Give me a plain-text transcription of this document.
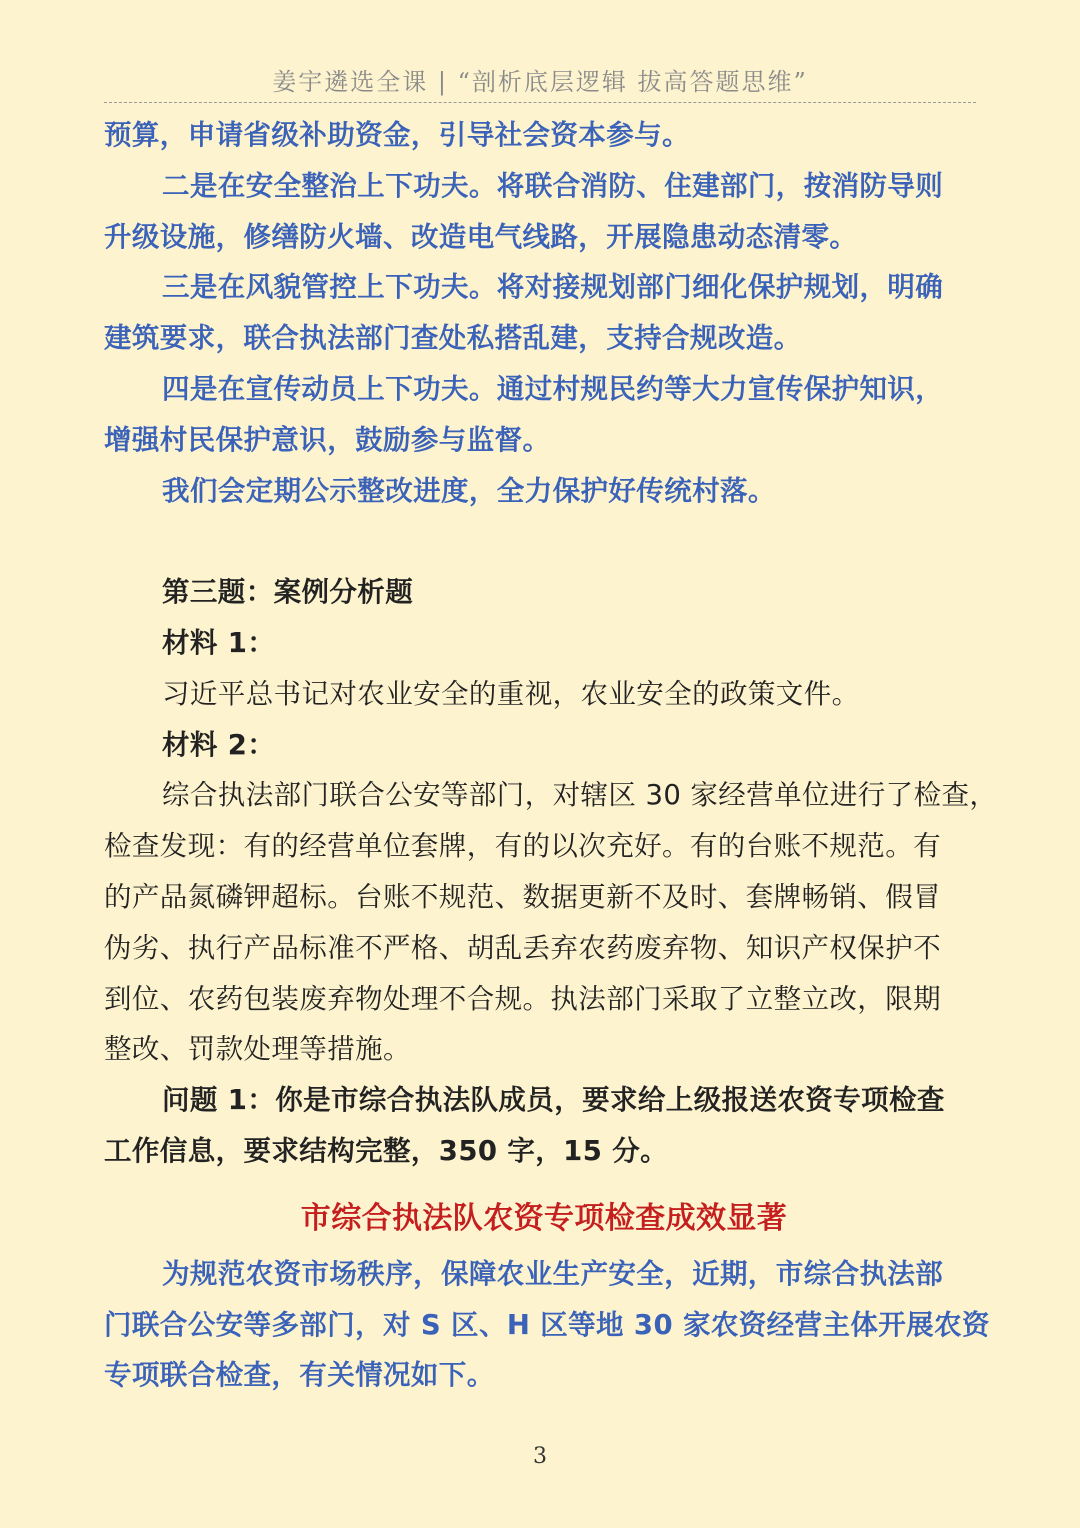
姜宇遴选全课 | “剖析底层逻辑 拔高答题思维”

预算，申请省级补助资金，引导社会资本参与。

二是在安全整治上下功夫。将联合消防、住建部门，按消防导则

升级设施，修缮防火墙、改造电气线路，开展隐患动态清零。

三是在风貌管控上下功夫。将对接规划部门细化保护规划，明确

建筑要求，联合执法部门查处私搭乱建，支持合规改造。

四是在宣传动员上下功夫。通过村规民约等大力宣传保护知识，

增强村民保护意识，鼓励参与监督。

我们会定期公示整改进度，全力保护好传统村落。

第三题：案例分析题

材料 1：

习近平总书记对农业安全的重视，农业安全的政策文件。

材料 2：

综合执法部门联合公安等部门，对辖区 30 家经营单位进行了检查，

检查发现：有的经营单位套牌，有的以次充好。有的台账不规范。有

的产品氮磷钾超标。台账不规范、数据更新不及时、套牌畅销、假冒

伪劣、执行产品标准不严格、胡乱丢弃农药废弃物、知识产权保护不

到位、农药包装废弃物处理不合规。执法部门采取了立整立改，限期

整改、罚款处理等措施。

问题 1：你是市综合执法队成员，要求给上级报送农资专项检查

工作信息，要求结构完整，350 字，15 分。

市综合执法队农资专项检查成效显著

为规范农资市场秩序，保障农业生产安全，近期，市综合执法部

门联合公安等多部门，对 S 区、H 区等地 30 家农资经营主体开展农资

专项联合检查，有关情况如下。

3
